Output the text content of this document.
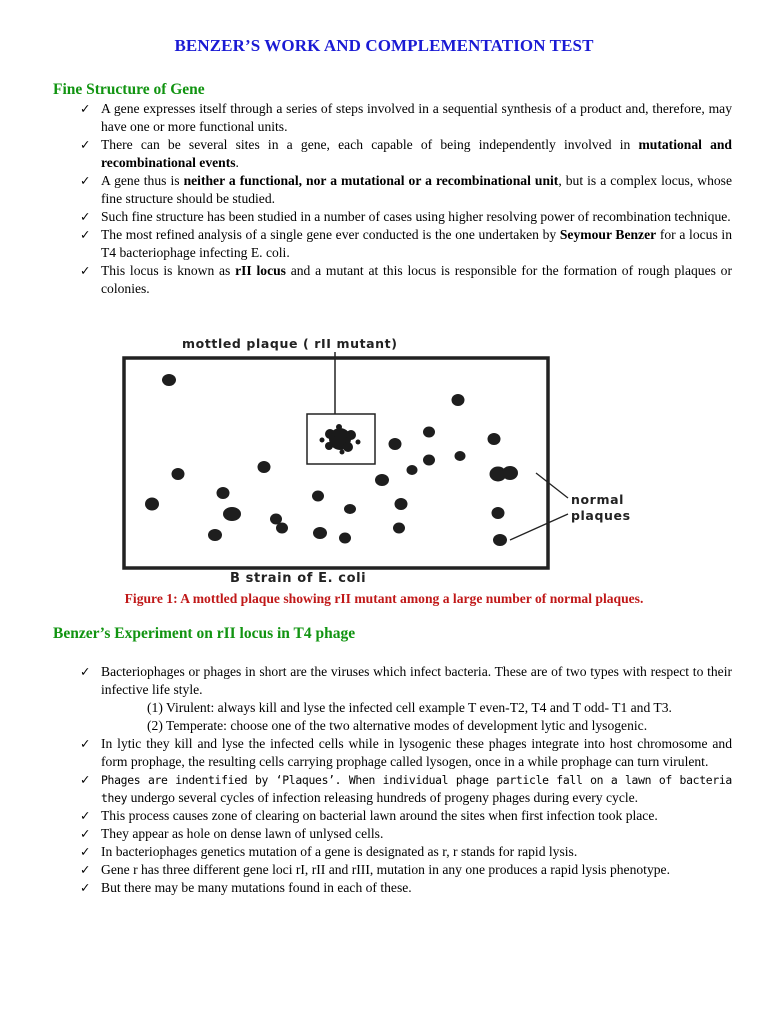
BENZER’S WORK AND COMPLEMENTATION TEST
Fine Structure of Gene
✓ A gene expresses itself through a series of steps involved in a sequential synthesis of a product and, therefore, may have one or more functional units.
✓ There can be several sites in a gene, each capable of being independently involved in mutational and recombinational events.
✓ A gene thus is neither a functional, nor a mutational or a recombinational unit, but is a complex locus, whose fine structure should be studied.
✓ Such fine structure has been studied in a number of cases using higher resolving power of recombination technique.
✓ The most refined analysis of a single gene ever conducted is the one undertaken by Seymour Benzer for a locus in T4 bacteriophage infecting E. coli.
✓ This locus is known as rII locus and a mutant at this locus is responsible for the formation of rough plaques or colonies.
mottled plaque ( rII mutant)
normal
plaques
B strain of E. coli
Figure 1: A mottled plaque showing rII mutant among a large number of normal plaques.
Benzer’s Experiment on rII locus in T4 phage
✓ Bacteriophages or phages in short are the viruses which infect bacteria. These are of two types with respect to their infective life style.
(1) Virulent: always kill and lyse the infected cell example T even-T2, T4 and T odd- T1 and T3.
(2) Temperate: choose one of the two alternative modes of development lytic and lysogenic.
✓ In lytic they kill and lyse the infected cells while in lysogenic these phages integrate into host chromosome and form prophage, the resulting cells carrying prophage called lysogen, once in a while prophage can turn virulent.
✓ Phages are indentified by ‘Plaques’. When individual phage particle fall on a lawn of bacteria they undergo several cycles of infection releasing hundreds of progeny phages during every cycle.
✓ This process causes zone of clearing on bacterial lawn around the sites when first infection took place.
✓ They appear as hole on dense lawn of unlysed cells.
✓ In bacteriophages genetics mutation of a gene is designated as r, r stands for rapid lysis.
✓ Gene r has three different gene loci rI, rII and rIII, mutation in any one produces a rapid lysis phenotype.
✓ But there may be many mutations found in each of these.
